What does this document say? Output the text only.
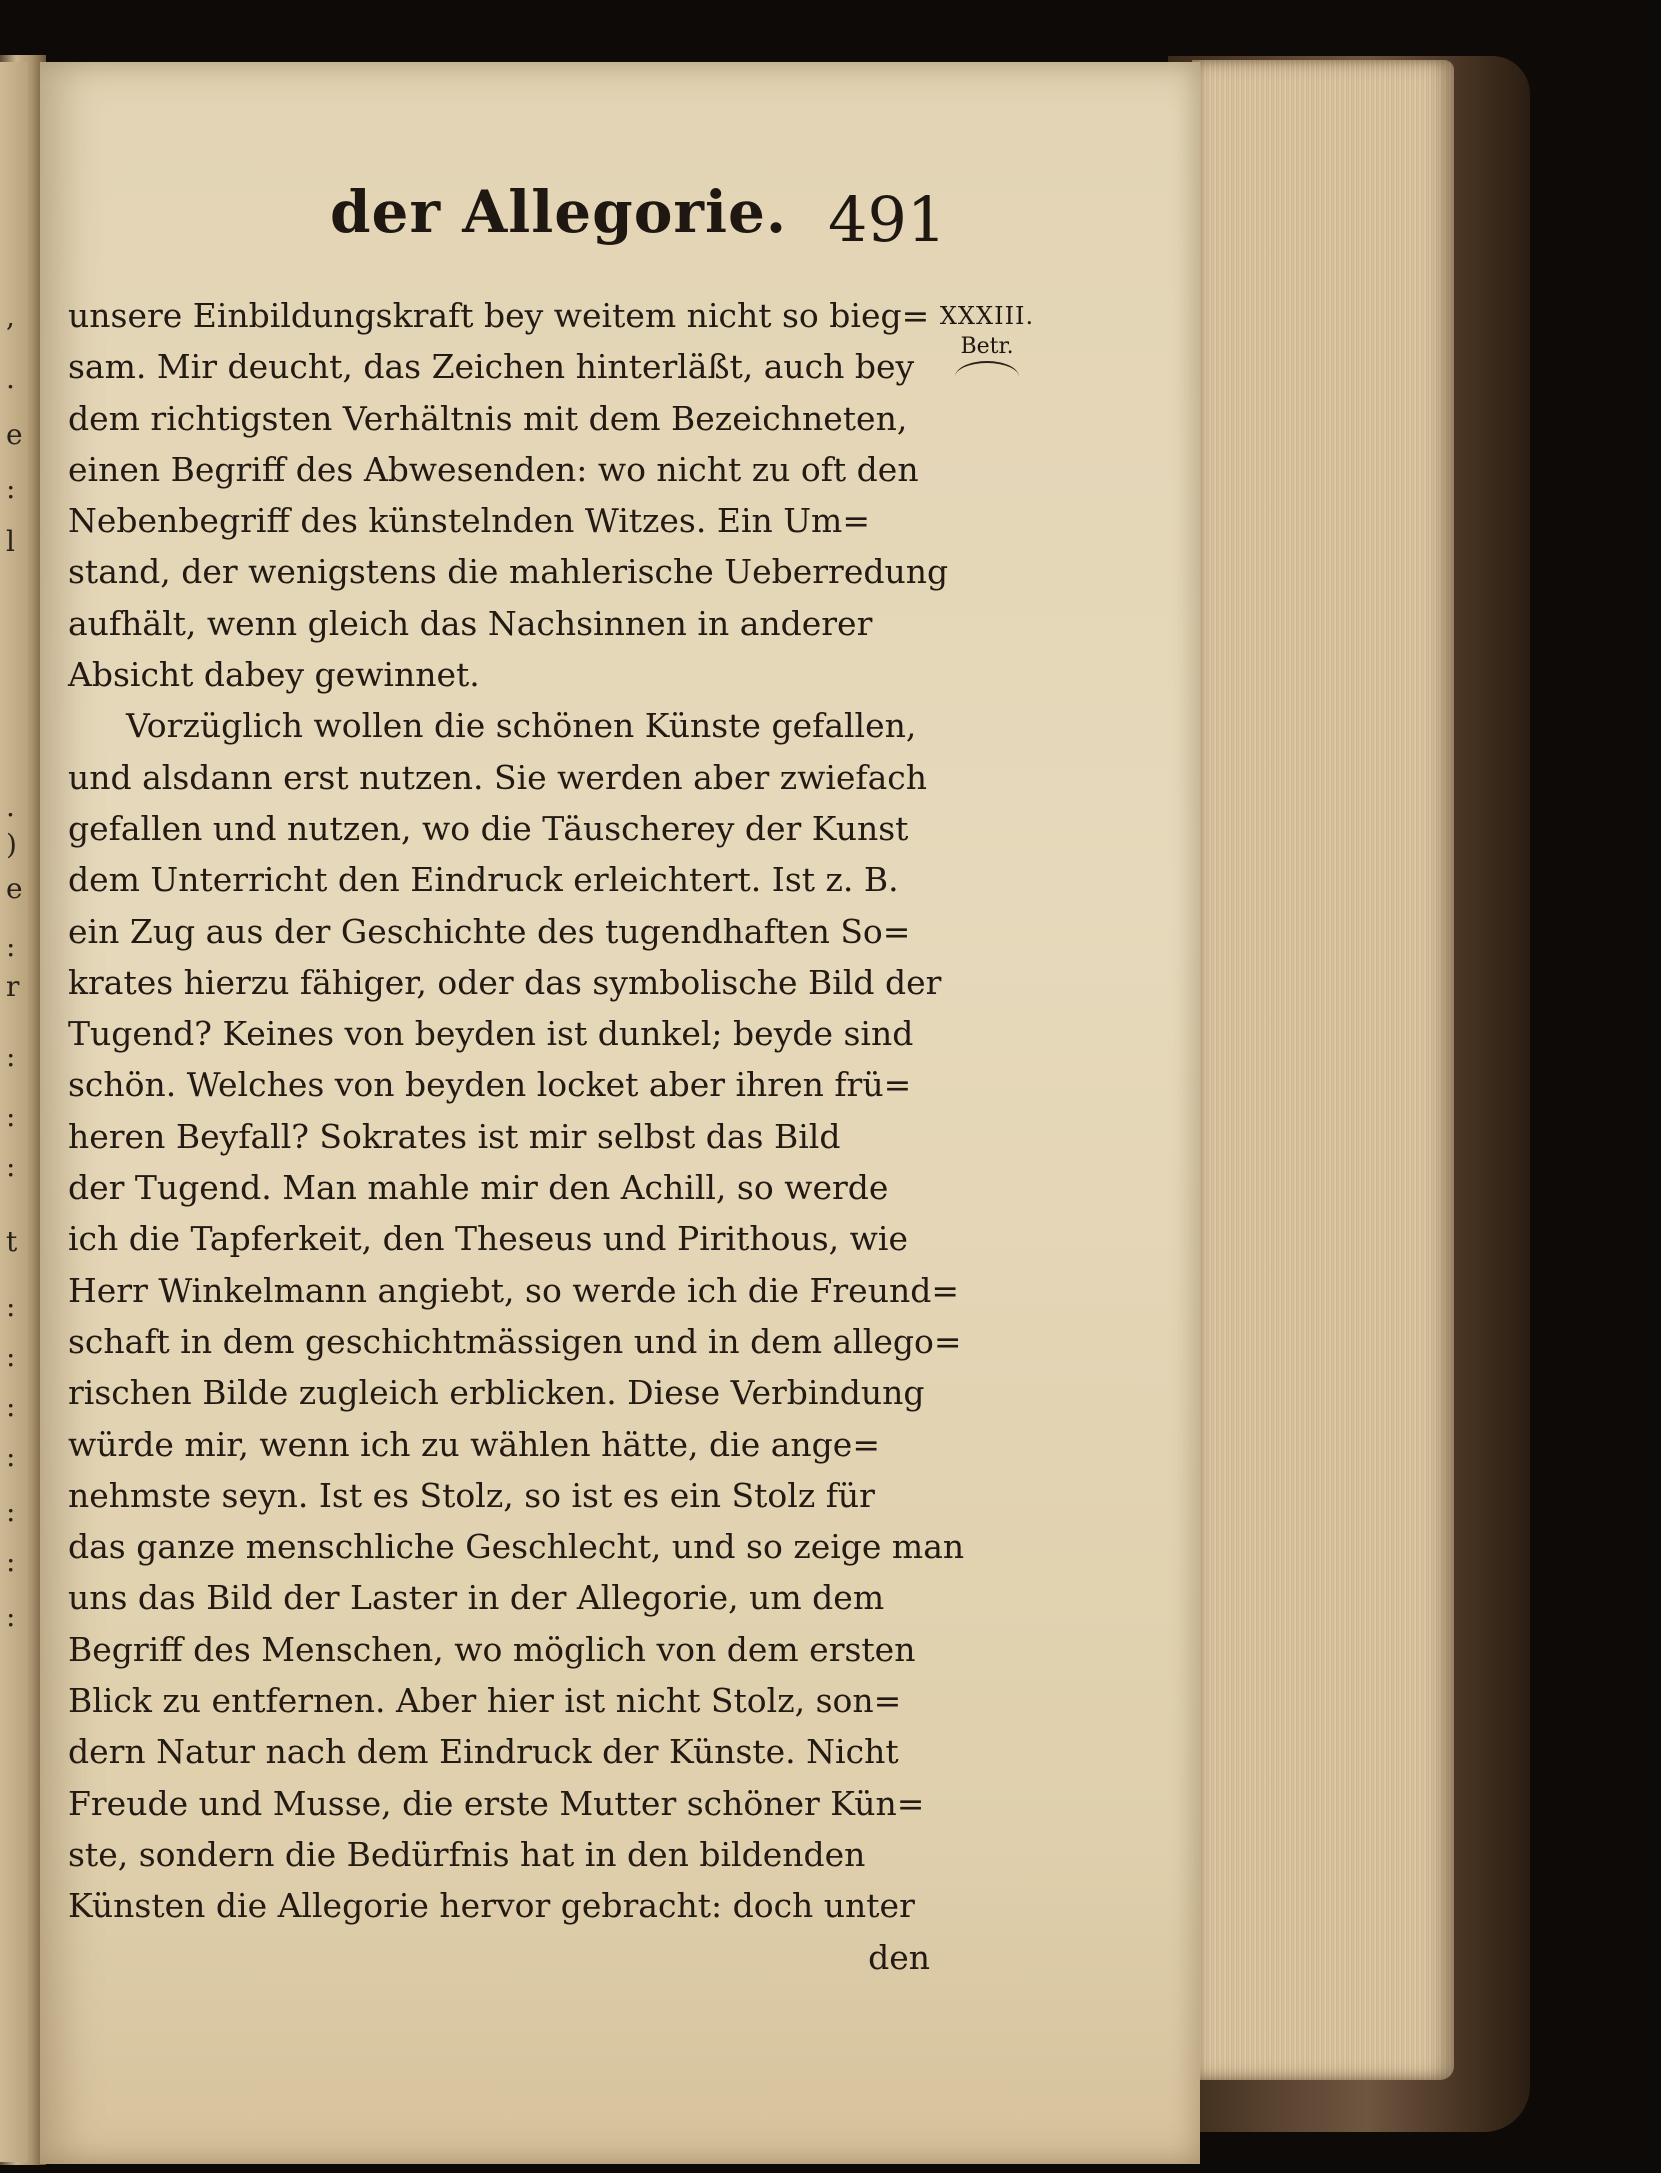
,
.
e
:
l
.
)
e
:
r
:
:
:
t
:
:
:
:
:
:
:
der Allegorie. 491
XXXIII.
Betr.
unsere Einbildungskraft bey weitem nicht so bieg=
sam. Mir deucht, das Zeichen hinterläßt, auch bey
dem richtigsten Verhältnis mit dem Bezeichneten,
einen Begriff des Abwesenden: wo nicht zu oft den
Nebenbegriff des künstelnden Witzes. Ein Um=
stand, der wenigstens die mahlerische Ueberredung
aufhält, wenn gleich das Nachsinnen in anderer
Absicht dabey gewinnet.
Vorzüglich wollen die schönen Künste gefallen,
und alsdann erst nutzen. Sie werden aber zwiefach
gefallen und nutzen, wo die Täuscherey der Kunst
dem Unterricht den Eindruck erleichtert. Ist z. B.
ein Zug aus der Geschichte des tugendhaften So=
krates hierzu fähiger, oder das symbolische Bild der
Tugend? Keines von beyden ist dunkel; beyde sind
schön. Welches von beyden locket aber ihren frü=
heren Beyfall? Sokrates ist mir selbst das Bild
der Tugend. Man mahle mir den Achill, so werde
ich die Tapferkeit, den Theseus und Pirithous, wie
Herr Winkelmann angiebt, so werde ich die Freund=
schaft in dem geschichtmässigen und in dem allego=
rischen Bilde zugleich erblicken. Diese Verbindung
würde mir, wenn ich zu wählen hätte, die ange=
nehmste seyn. Ist es Stolz, so ist es ein Stolz für
das ganze menschliche Geschlecht, und so zeige man
uns das Bild der Laster in der Allegorie, um dem
Begriff des Menschen, wo möglich von dem ersten
Blick zu entfernen. Aber hier ist nicht Stolz, son=
dern Natur nach dem Eindruck der Künste. Nicht
Freude und Musse, die erste Mutter schöner Kün=
ste, sondern die Bedürfnis hat in den bildenden
Künsten die Allegorie hervor gebracht: doch unter
den
